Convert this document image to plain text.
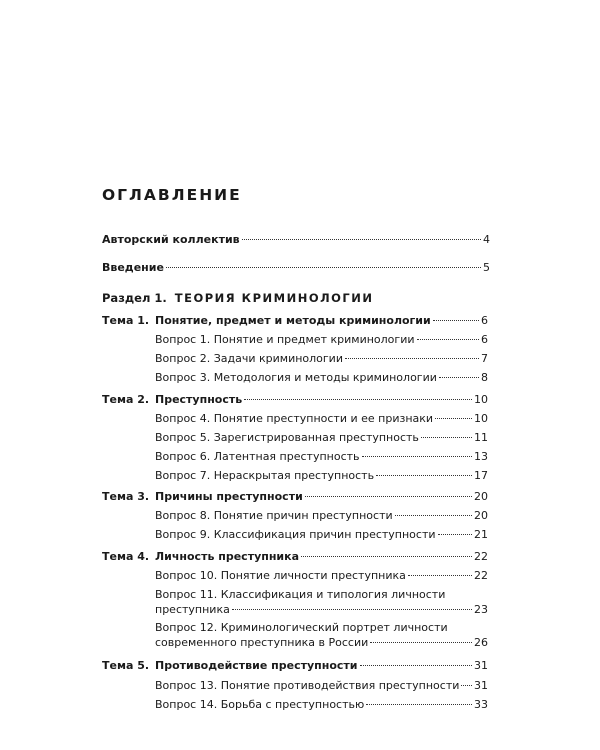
ОГЛАВЛЕНИЕ
Авторский коллектив	4
Введение	5
Раздел 1. ТЕОРИЯ КРИМИНОЛОГИИ
Тема 1. Понятие, предмет и методы криминологии	6
Вопрос 1. Понятие и предмет криминологии	6
Вопрос 2. Задачи криминологии	7
Вопрос 3. Методология и методы криминологии	8
Тема 2. Преступность	10
Вопрос 4. Понятие преступности и ее признаки	10
Вопрос 5. Зарегистрированная преступность	11
Вопрос 6. Латентная преступность	13
Вопрос 7. Нераскрытая преступность	17
Тема 3. Причины преступности	20
Вопрос 8. Понятие причин преступности	20
Вопрос 9. Классификация причин преступности	21
Тема 4. Личность преступника	22
Вопрос 10. Понятие личности преступника	22
Вопрос 11. Классификация и типология личности
преступника	23
Вопрос 12. Криминологический портрет личности
современного преступника в России	26
Тема 5. Противодействие преступности	31
Вопрос 13. Понятие противодействия преступности 31
Вопрос 14. Борьба с преступностью	33
